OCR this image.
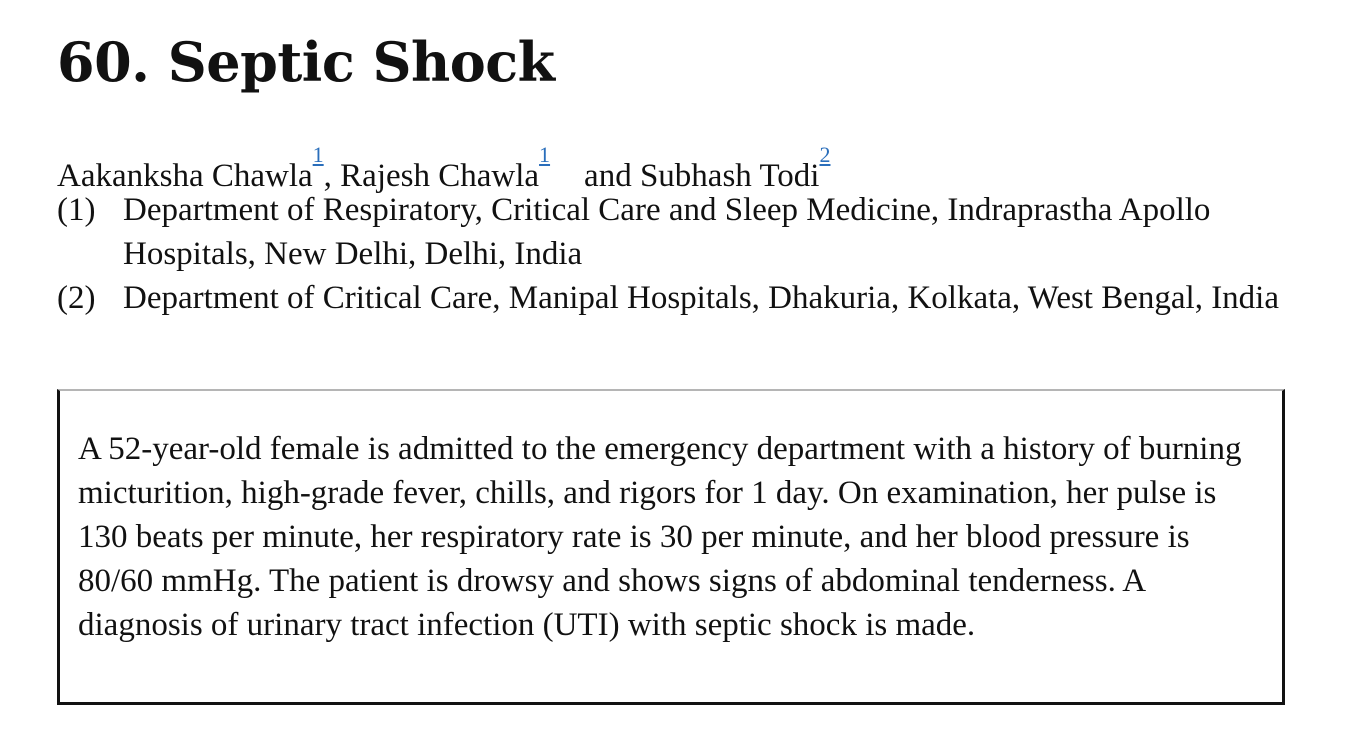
60. Septic Shock
Aakanksha Chawla$^{^1}$, Rajesh Chawla$^{^1}$and Subhash Todi$^{^2}$
(1) Department of Respiratory, Critical Care and Sleep Medicine, Indraprastha Apollo Hospitals, New Delhi, Delhi, India
(2) Department of Critical Care, Manipal Hospitals, Dhakuria, Kolkata, West Bengal, India

A 52-year-old female is admitted to the emergency department with a history of burning micturition, high-grade fever, chills, and rigors for 1 day. On examination, her pulse is 130 beats per minute, her respiratory rate is 30 per minute, and her blood pressure is 80/60 mmHg. The patient is drowsy and shows signs of abdominal tenderness. A diagnosis of urinary tract infection (UTI) with septic shock is made.
